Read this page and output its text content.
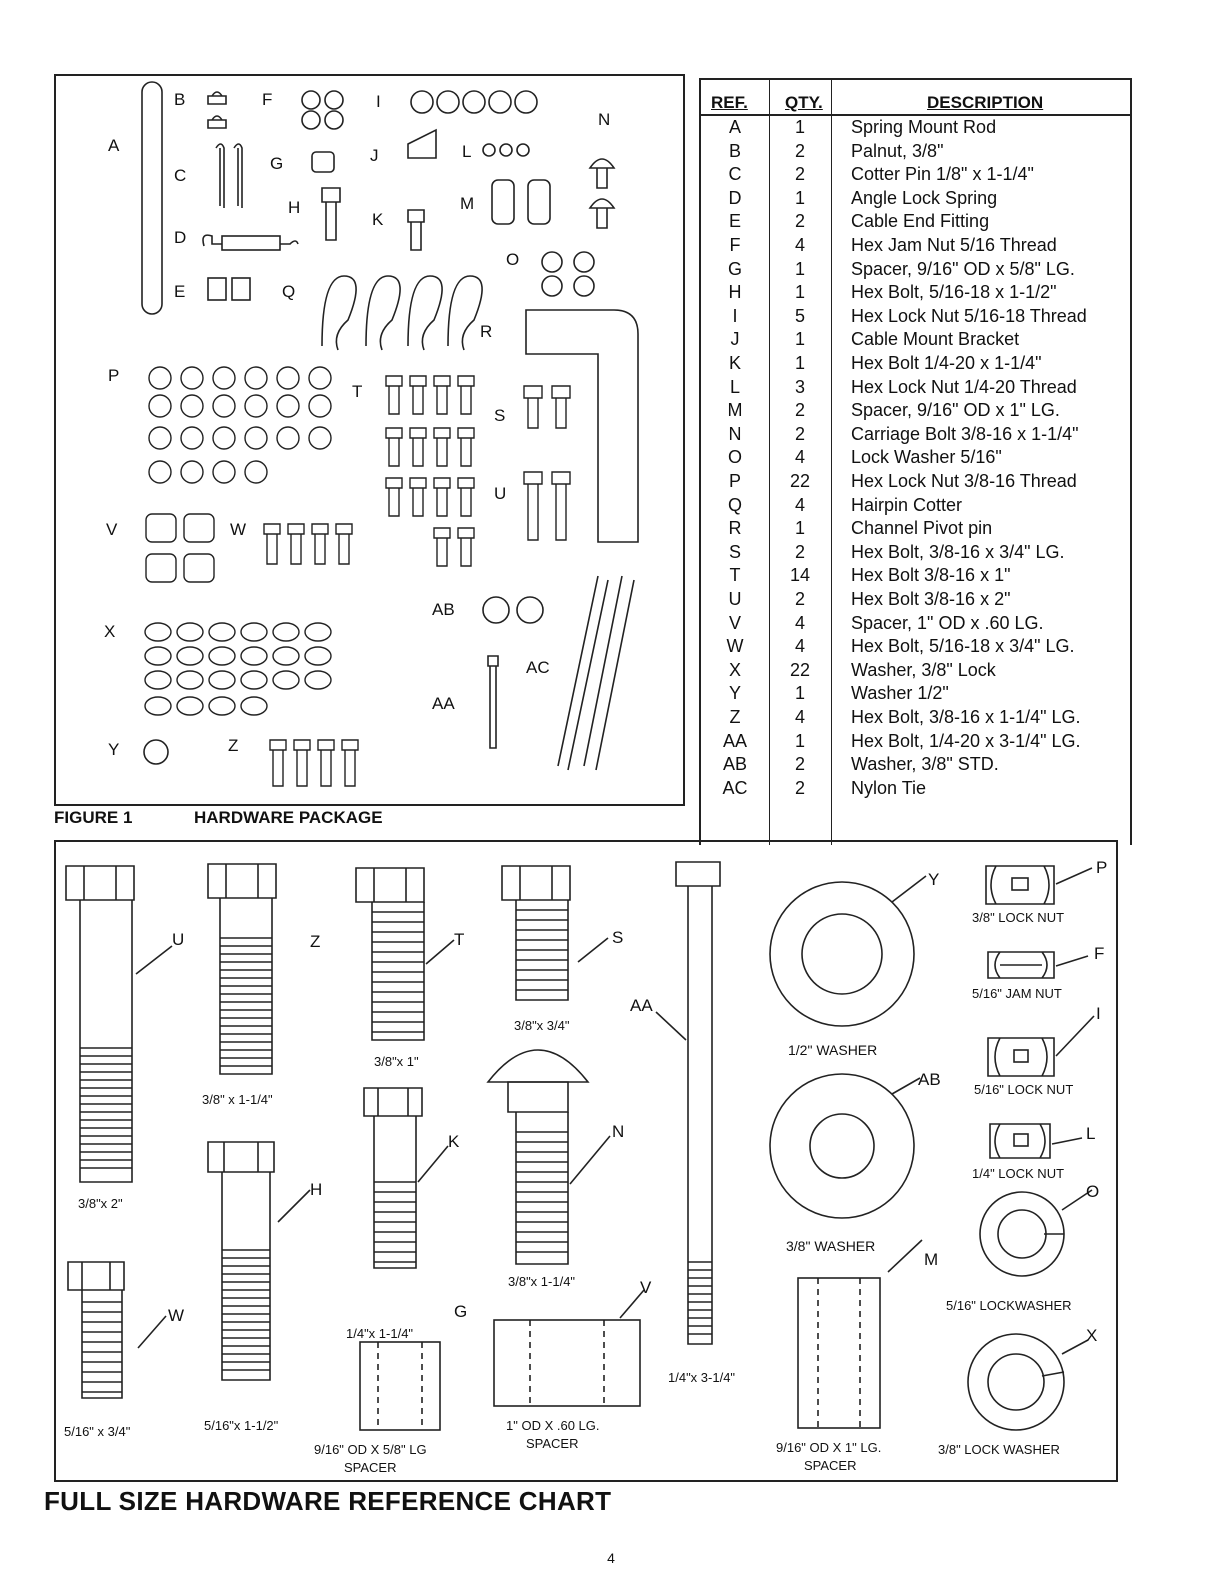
A
B
C
D
E
F
G
H
I
J
K
L
M
N
O
P
Q
R
S
T
U
V	W
X
Y	Z
AA
AB
AC
FIGURE 1	HARDWARE PACKAGE
REF. QTY.	DESCRIPTION
A	1	Spring Mount Rod
B	2	Palnut, 3/8"
C	2	Cotter Pin 1/8" x 1-1/4"
D	1	Angle Lock Spring
E	2	Cable End Fitting
F	4	Hex Jam Nut 5/16 Thread
G	1	Spacer, 9/16" OD x 5/8" LG.
H	1	Hex Bolt, 5/16-18 x 1-1/2"
I	5	Hex Lock Nut 5/16-18 Thread
J	1	Cable Mount Bracket
K	1	Hex Bolt 1/4-20 x 1-1/4"
L	3	Hex Lock Nut 1/4-20 Thread
M	2	Spacer, 9/16" OD x 1" LG.
N	2	Carriage Bolt 3/8-16 x 1-1/4"
O	4	Lock Washer 5/16"
P	22	Hex Lock Nut 3/8-16 Thread
Q	4	Hairpin Cotter
R	1	Channel Pivot pin
S	2	Hex Bolt, 3/8-16 x 3/4" LG.
T	14	Hex Bolt 3/8-16 x 1"
U	2	Hex Bolt 3/8-16 x 2"
V	4	Spacer, 1" OD x .60 LG.
W	4	Hex Bolt, 5/16-18 x 3/4" LG.
X	22	Washer, 3/8" Lock
Y	1	Washer 1/2"
Z	4	Hex Bolt, 3/8-16 x 1-1/4" LG.
AA	1	Hex Bolt, 1/4-20 x 3-1/4" LG.
AB	2	Washer, 3/8" STD.
AC	2	Nylon Tie
U	Z	T	S
AA
Y
P
F
I
L
O
X
AB
N
K
H
W	G
V
M
3/8"x 2"
3/8" x 1-1/4"
3/8"x 1"
3/8"x 3/4"
1/4"x 3-1/4"
1/2" WASHER
3/8" LOCK NUT
5/16" JAM NUT
5/16" LOCK NUT
1/4" LOCK NUT
5/16" LOCKWASHER
3/8" LOCK WASHER
3/8" WASHER
3/8"x 1-1/4"
1/4"x 1-1/4"
5/16"x 1-1/2"
5/16" x 3/4"
9/16" OD X 5/8" LG
SPACER
1" OD X .60 LG.
SPACER	9/16" OD X 1" LG.
SPACER
FULL SIZE HARDWARE REFERENCE CHART
4
